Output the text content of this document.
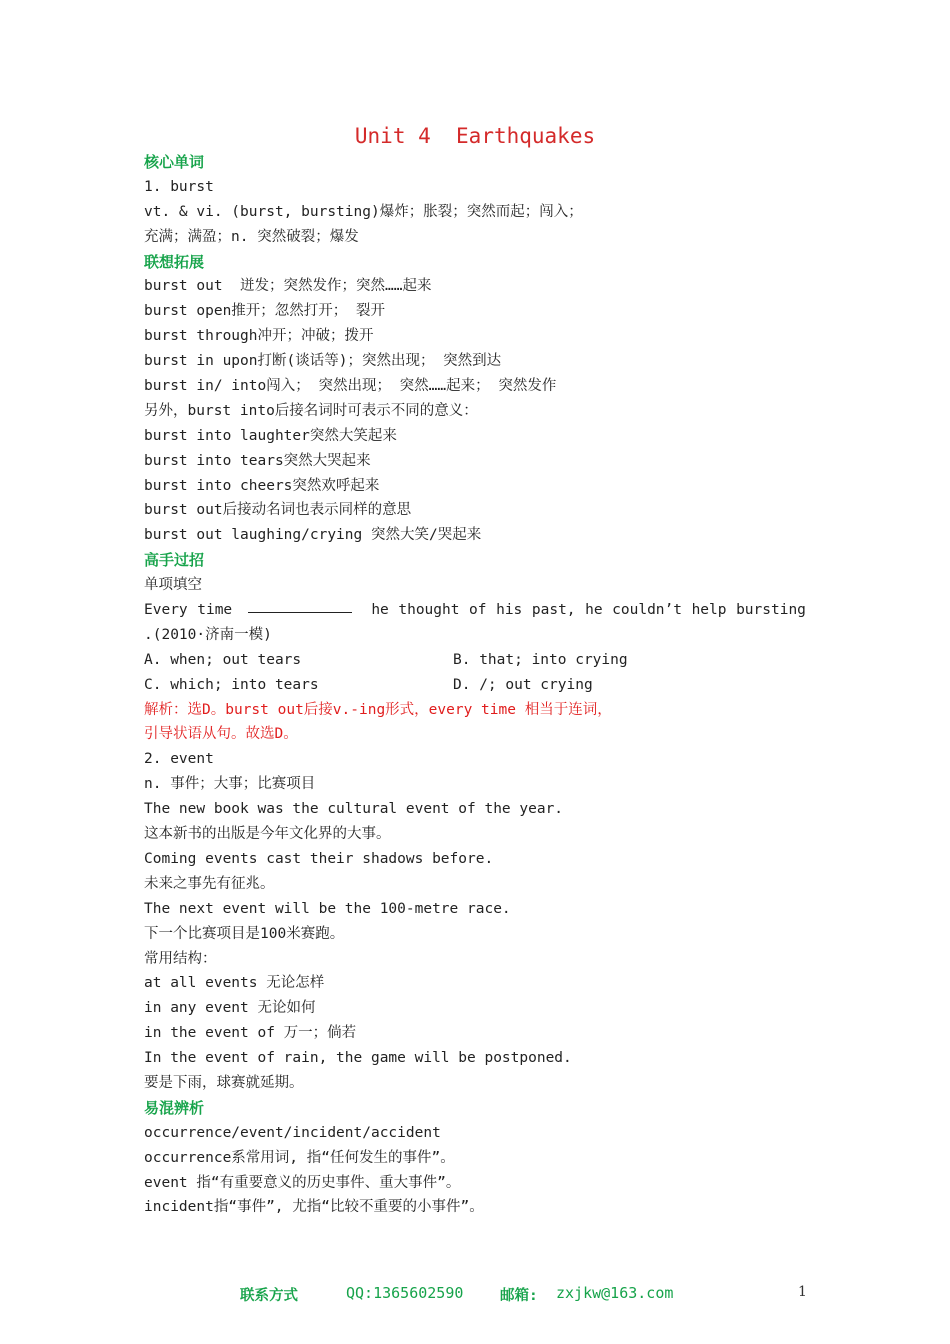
Unit 4  Earthquakes
核心单词
1. burst
vt. & vi. (burst, bursting)爆炸；胀裂；突然而起；闯入；
充满；满盈；n. 突然破裂；爆发
联想拓展
burst out  迸发；突然发作；突然……起来
burst open推开；忽然打开； 裂开
burst through冲开；冲破；拨开
burst in upon打断(谈话等)；突然出现； 突然到达
burst in/ into闯入； 突然出现； 突然……起来； 突然发作
另外，burst into后接名词时可表示不同的意义：
burst into laughter突然大笑起来
burst into tears突然大哭起来
burst into cheers突然欢呼起来
burst out后接动名词也表示同样的意思
burst out laughing/crying 突然大笑/哭起来
高手过招
单项填空
Every time	he thought of his past, he couldn’t help bursting
.(2010·济南一模)
A. when; out tears	B. that; into crying
C. which; into tears	D. /; out crying
解析：选D。burst out后接v.-ing形式，every time 相当于连词，
引导状语从句。故选D。
2. event
n. 事件；大事；比赛项目
The new book was the cultural event of the year.
这本新书的出版是今年文化界的大事。
Coming events cast their shadows before.
未来之事先有征兆。
The next event will be the 100-metre race.
下一个比赛项目是100米赛跑。
常用结构：
at all events 无论怎样
in any event 无论如何
in the event of 万一；倘若
In the event of rain, the game will be postponed.
要是下雨，球赛就延期。
易混辨析
occurrence/event/incident/accident
occurrence系常用词, 指“任何发生的事件”。
event 指“有重要意义的历史事件、重大事件”。
incident指“事件”, 尤指“比较不重要的小事件”。
联系方式	QQ:1365602590	邮箱: zxjkw@163.com	1
